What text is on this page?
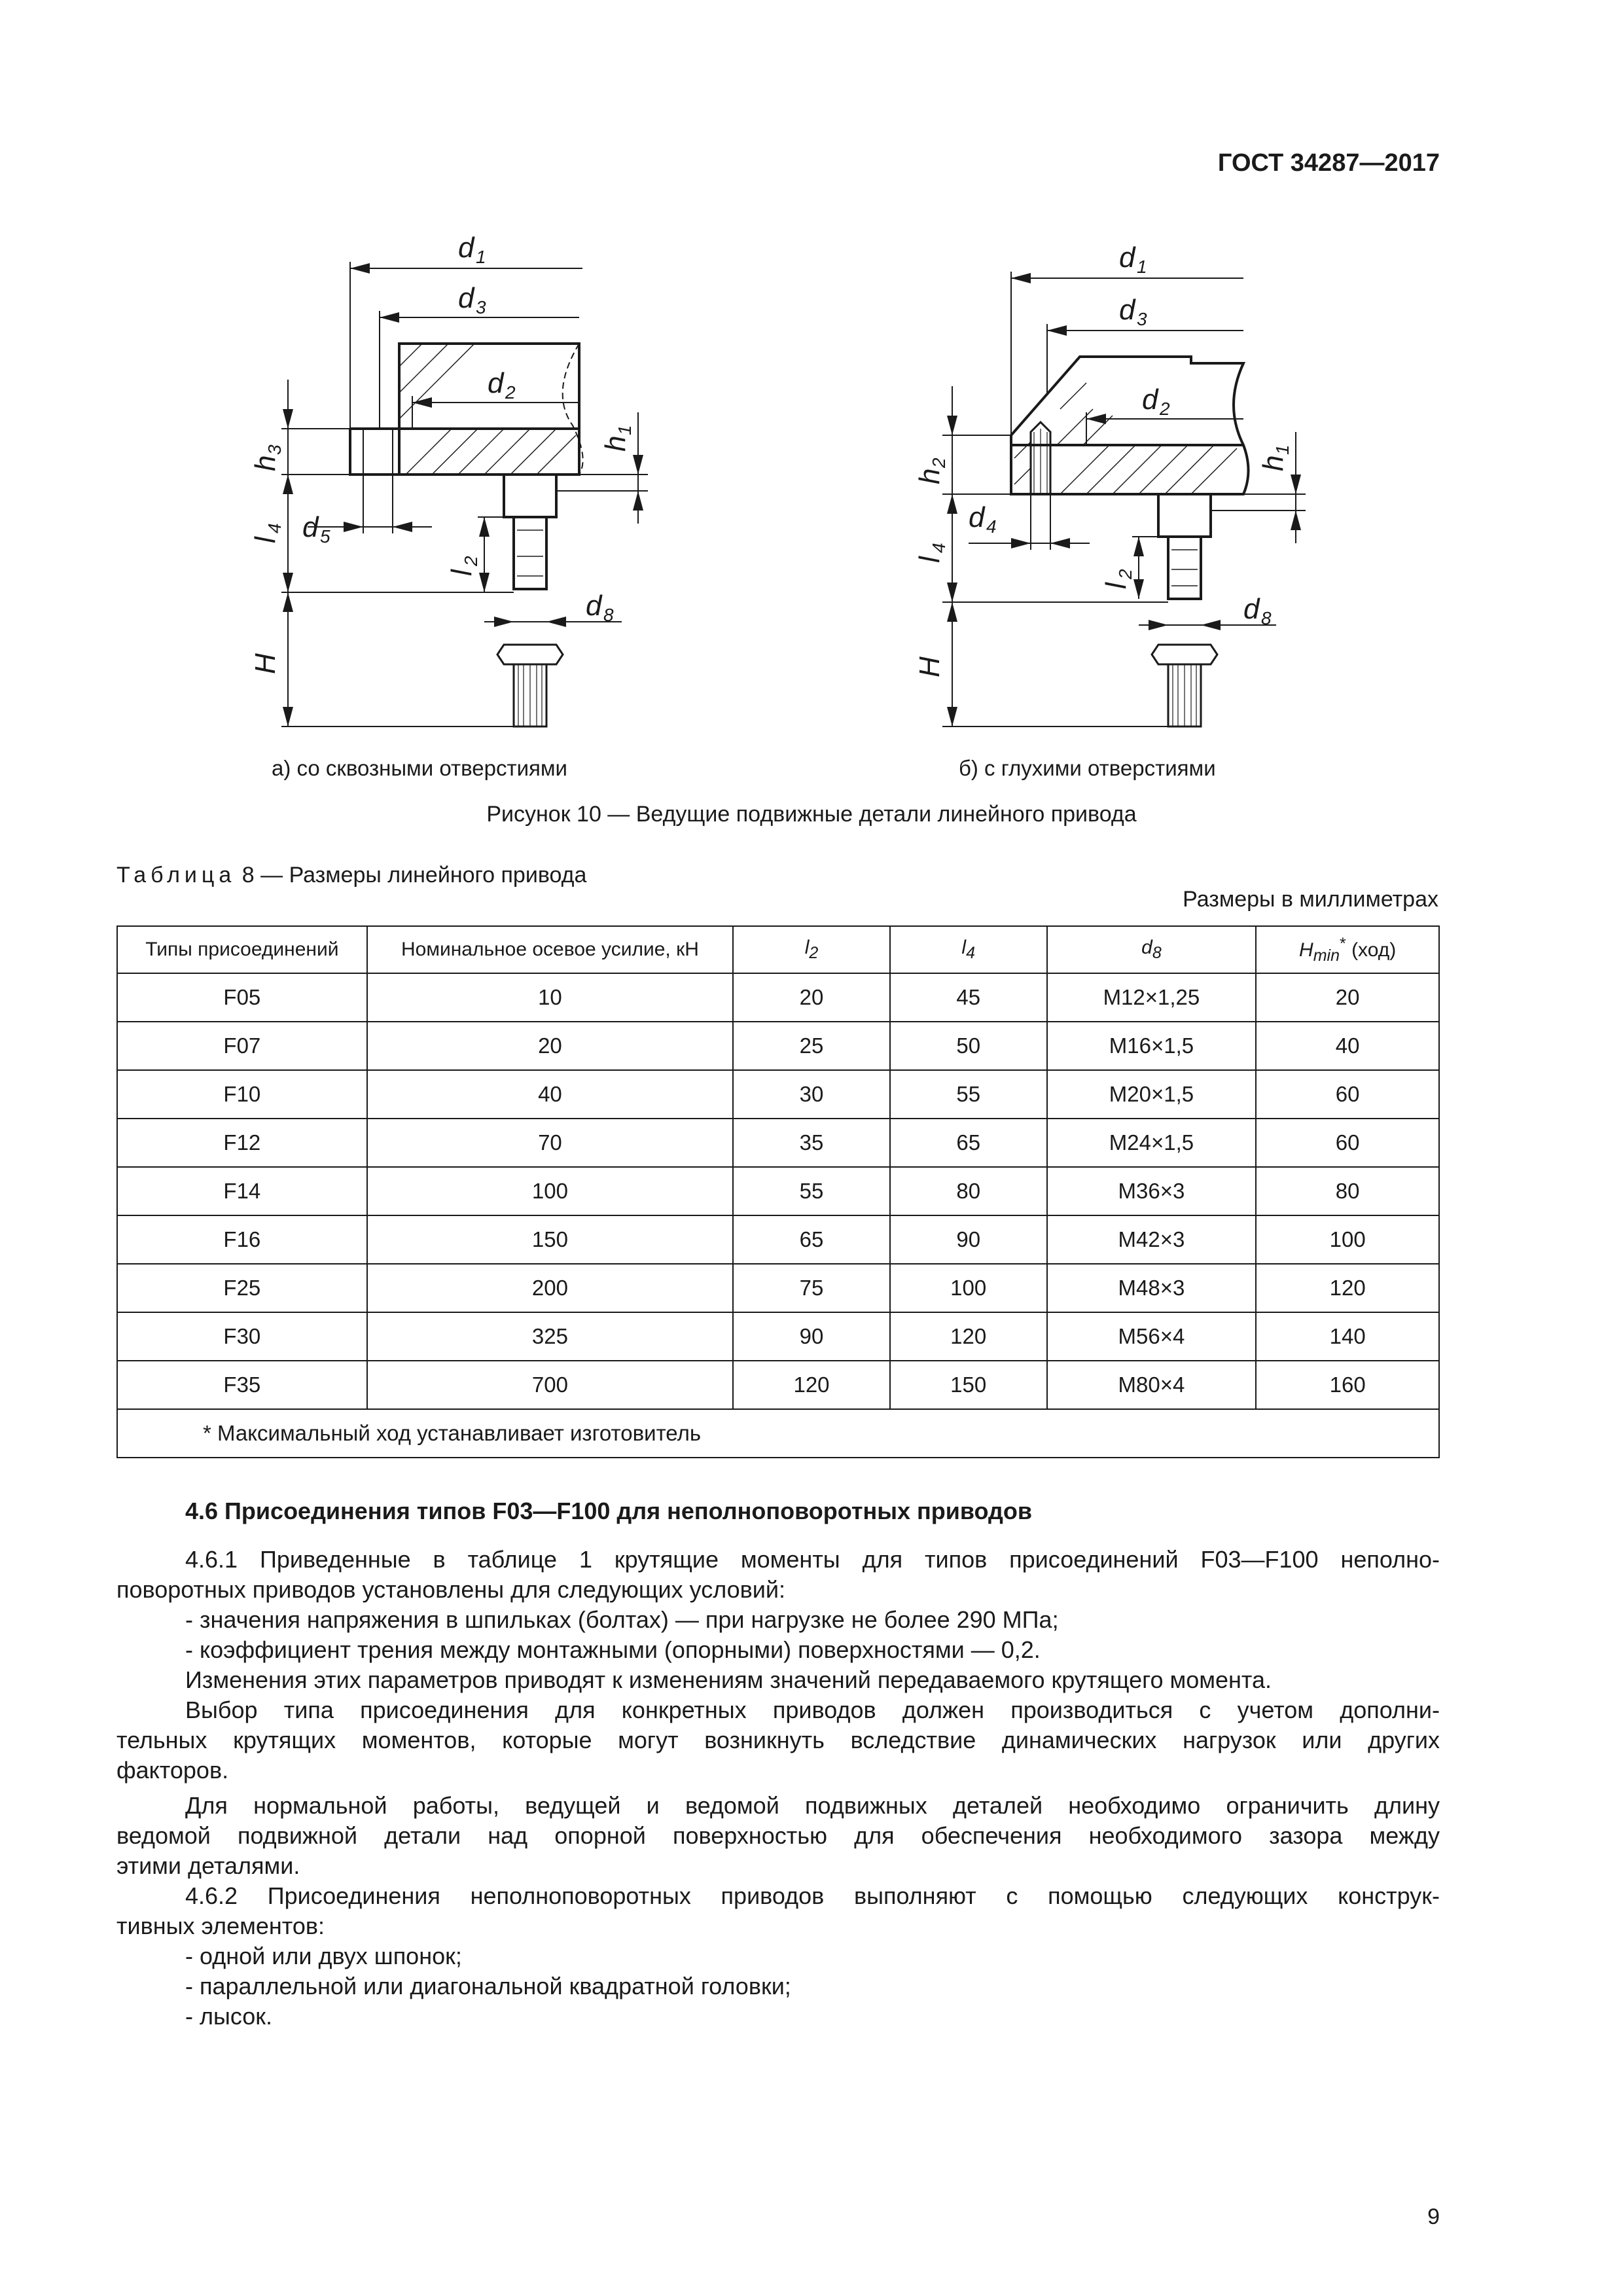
ГОСТ 34287—2017
d 1
d 3
d 2
d 5
d 8
h
3	h
1
l
4
l
2
H
d 1
d 3
d 2
d 4
d 8
h
2	h
1
l
4
l
2
H
а) со сквозными отверстиями	б) с глухими отверстиями
Рисунок 10 — Ведущие подвижные детали линейного привода
Таблица 8 — Размеры линейного привода
Размеры в миллиметрах
Типы присоединений	Номинальное осевое усилие, кН	$l_2$	$l_4$	$d_8$	$H_{min}^*$ (ход)
F05	10	20	45	M12×1,25	20
F07	20	25	50	M16×1,5	40
F10	40	30	55	M20×1,5	60
F12	70	35	65	M24×1,5	60
F14	100	55	80	M36×3	80
F16	150	65	90	M42×3	100
F25	200	75	100	M48×3	120
F30	325	90	120	M56×4	140
F35	700	120	150	M80×4	160
* Максимальный ход устанавливает изготовитель					
4.6 Присоединения типов F03—F100 для неполноповоротных приводов
4.6.1 Приведенные в таблице 1 крутящие моменты для типов присоединений F03—F100 неполно-
поворотных приводов установлены для следующих условий:
- значения напряжения в шпильках (болтах) — при нагрузке не более 290 МПа;
- коэффициент трения между монтажными (опорными) поверхностями — 0,2.
Изменения этих параметров приводят к изменениям значений передаваемого крутящего момента.
Выбор типа присоединения для конкретных приводов должен производиться с учетом дополни-
тельных крутящих моментов, которые могут возникнуть вследствие динамических нагрузок или других
факторов.
Для нормальной работы, ведущей и ведомой подвижных деталей необходимо ограничить длину
ведомой подвижной детали над опорной поверхностью для обеспечения необходимого зазора между
этими деталями.
4.6.2 Присоединения неполноповоротных приводов выполняют с помощью следующих конструк-
тивных элементов:
- одной или двух шпонок;
- параллельной или диагональной квадратной головки;
- лысок.
9
